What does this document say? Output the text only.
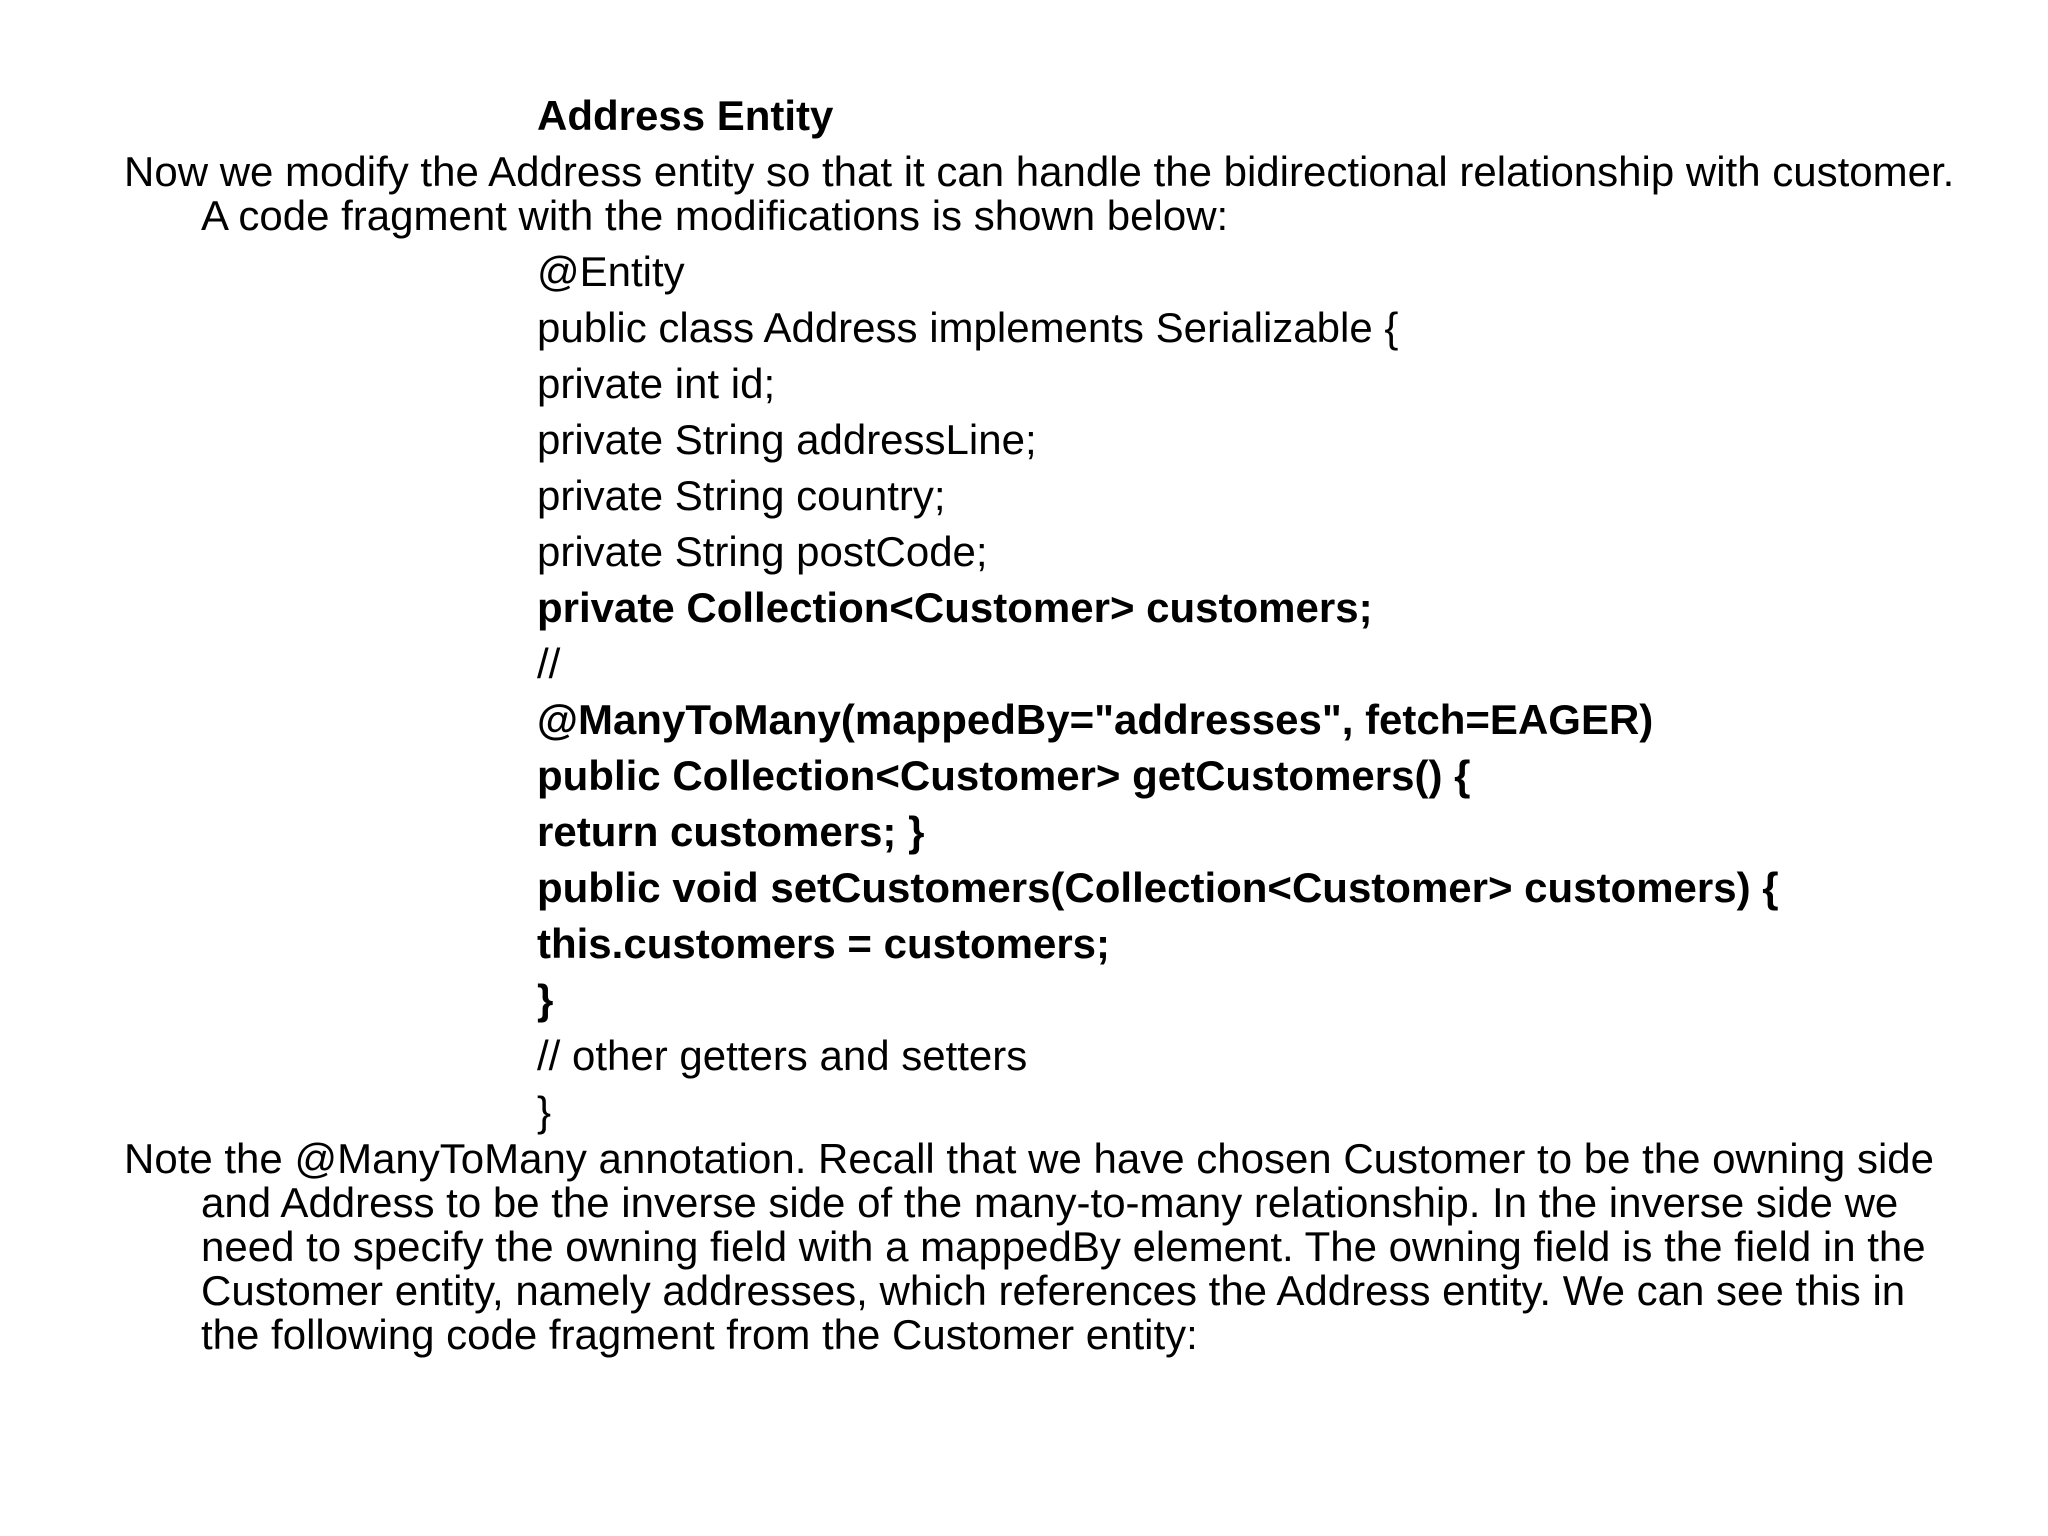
Address Entity
Now we modify the Address entity so that it can handle the bidirectional relationship with customer. A code fragment with the modifications is shown below:
@Entity
public class Address implements Serializable {
private int id;
private String addressLine;
private String country;
private String postCode;
private Collection<Customer> customers;
//
@ManyToMany(mappedBy="addresses", fetch=EAGER)
public Collection<Customer> getCustomers() {
return customers; }
public void setCustomers(Collection<Customer> customers) {
this.customers = customers;
}
// other getters and setters
}
Note the @ManyToMany annotation. Recall that we have chosen Customer to be the owning side and Address to be the inverse side of the many-to-many relationship. In the inverse side we need to specify the owning field with a mappedBy element. The owning field is the field in the Customer entity, namely addresses, which references the Address entity. We can see this in the following code fragment from the Customer entity:
